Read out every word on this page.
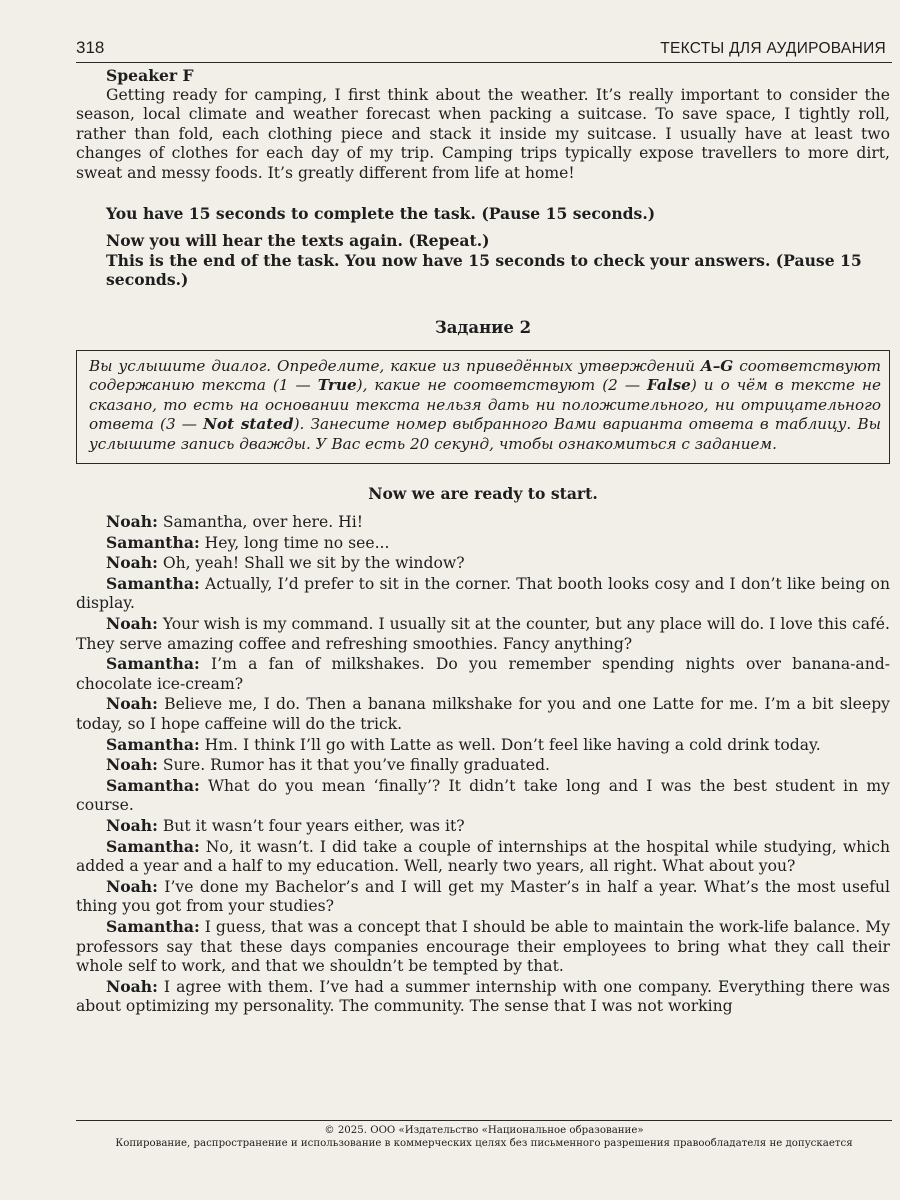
318	ТЕКСТЫ ДЛЯ АУДИРОВАНИЯ
Speaker F

Getting ready for camping, I first think about the weather. It’s really important to consider the season, local climate and weather forecast when packing a suitcase. To save space, I tightly roll, rather than fold, each clothing piece and stack it inside my suitcase. I usually have at least two changes of clothes for each day of my trip. Camping trips typically expose travellers to more dirt, sweat and messy foods. It’s greatly different from life at home!

You have 15 seconds to complete the task. (Pause 15 seconds.)
Now you will hear the texts again. (Repeat.)
This is the end of the task. You now have 15 seconds to check your answers. (Pause 15 seconds.)
Задание 2
Вы услышите диалог. Определите, какие из приведённых утверждений A–G соответствуют содержанию текста (1 — True), какие не соответствуют (2 — False) и о чём в тексте не сказано, то есть на основании текста нельзя дать ни положительного, ни отрицательного ответа (3 — Not stated). Занесите номер выбранного Вами варианта ответа в таблицу. Вы услышите запись дважды. У Вас есть 20 секунд, чтобы ознакомиться с заданием.
Now we are ready to start.
Noah: Samantha, over here. Hi!
Samantha: Hey, long time no see...
Noah: Oh, yeah! Shall we sit by the window?
Samantha: Actually, I’d prefer to sit in the corner. That booth looks cosy and I don’t like being on display.
Noah: Your wish is my command. I usually sit at the counter, but any place will do. I love this café. They serve amazing coffee and refreshing smoothies. Fancy anything?
Samantha: I’m a fan of milkshakes. Do you remember spending nights over banana-and-chocolate ice-cream?
Noah: Believe me, I do. Then a banana milkshake for you and one Latte for me. I’m a bit sleepy today, so I hope caffeine will do the trick.
Samantha: Hm. I think I’ll go with Latte as well. Don’t feel like having a cold drink today.
Noah: Sure. Rumor has it that you’ve finally graduated.
Samantha: What do you mean ‘finally’? It didn’t take long and I was the best student in my course.
Noah: But it wasn’t four years either, was it?
Samantha: No, it wasn’t. I did take a couple of internships at the hospital while studying, which added a year and a half to my education. Well, nearly two years, all right. What about you?
Noah: I’ve done my Bachelor’s and I will get my Master’s in half a year. What’s the most useful thing you got from your studies?
Samantha: I guess, that was a concept that I should be able to maintain the work-life balance. My professors say that these days companies encourage their employees to bring what they call their whole self to work, and that we shouldn’t be tempted by that.
Noah: I agree with them. I’ve had a summer internship with one company. Everything there was about optimizing my personality. The community. The sense that I was not working
© 2025. ООО «Издательство «Национальное образование»
Копирование, распространение и использование в коммерческих целях без письменного разрешения правообладателя не допускается
